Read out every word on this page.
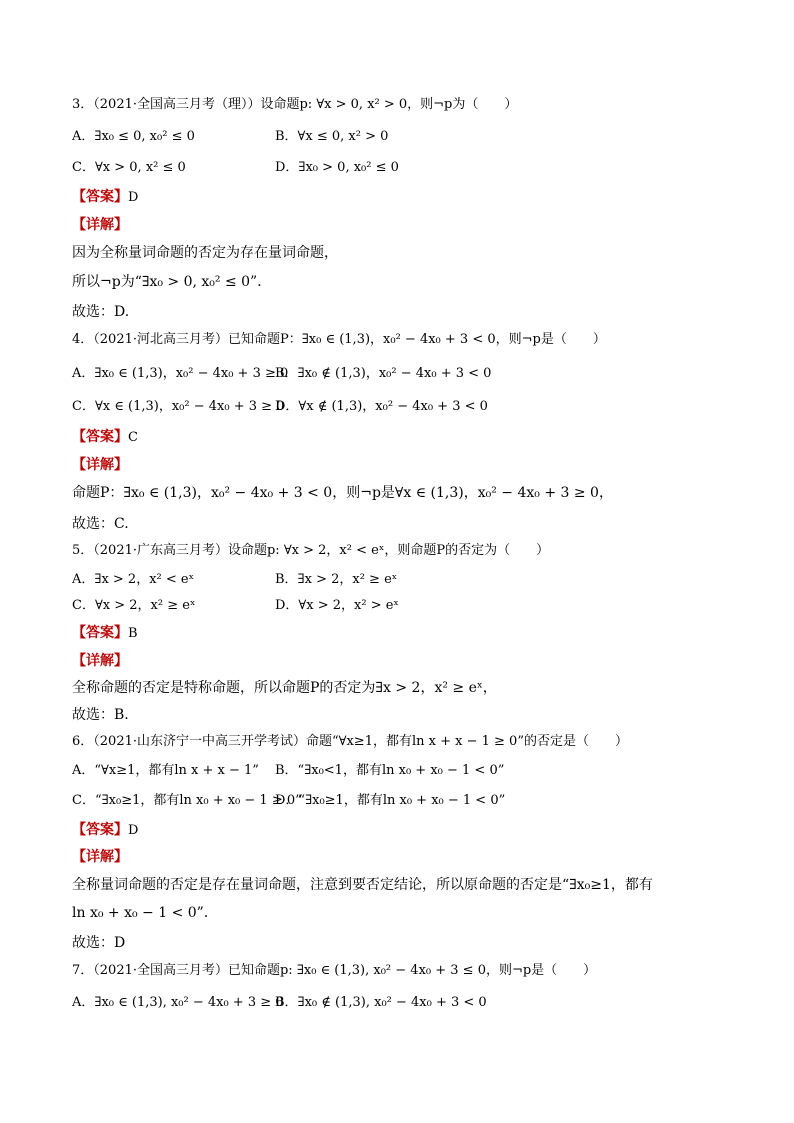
3．（2021·全国高三月考（理））设命题p: ∀x > 0, x² > 0，则¬p为（　　）
A．∃x₀ ≤ 0, x₀² ≤ 0	B．∀x ≤ 0, x² > 0
C．∀x > 0, x² ≤ 0	D．∃x₀ > 0, x₀² ≤ 0
【答案】D
【详解】
因为全称量词命题的否定为存在量词命题，
所以¬p为“∃x₀ > 0, x₀² ≤ 0”．
故选：D.
4．（2021·河北高三月考）已知命题P：∃x₀ ∈ (1,3)，x₀² − 4x₀ + 3 < 0，则¬p是（　　）
A．∃x₀ ∈ (1,3)，x₀² − 4x₀ + 3 ≥ 0
B．∃x₀ ∉ (1,3)，x₀² − 4x₀ + 3 < 0
C．∀x ∈ (1,3)，x₀² − 4x₀ + 3 ≥ 0
D．∀x ∉ (1,3)，x₀² − 4x₀ + 3 < 0
【答案】C
【详解】
命题P：∃x₀ ∈ (1,3)，x₀² − 4x₀ + 3 < 0，则¬p是∀x ∈ (1,3)，x₀² − 4x₀ + 3 ≥ 0，
故选：C.
5．（2021·广东高三月考）设命题p: ∀x > 2，x² < eˣ，则命题P的否定为（　　）
A．∃x > 2，x² < eˣ	B．∃x > 2，x² ≥ eˣ
C．∀x > 2，x² ≥ eˣ	D．∀x > 2，x² > eˣ
【答案】B
【详解】
全称命题的否定是特称命题，所以命题P的否定为∃x > 2，x² ≥ eˣ，
故选：B.
6．（2021·山东济宁一中高三开学考试）命题“∀x≥1，都有ln x + x − 1 ≥ 0”的否定是（　　）
A．“∀x≥1，都有ln x + x − 1” B．“∃x₀<1，都有ln x₀ + x₀ − 1 < 0”
C．“∃x₀≥1，都有ln x₀ + x₀ − 1 ≥ 0”
D．“∃x₀≥1，都有ln x₀ + x₀ − 1 < 0”
【答案】D
【详解】
全称量词命题的否定是存在量词命题，注意到要否定结论，所以原命题的否定是“∃x₀≥1，都有
ln x₀ + x₀ − 1 < 0”．
故选：D
7．（2021·全国高三月考）已知命题p: ∃x₀ ∈ (1,3), x₀² − 4x₀ + 3 ≤ 0，则¬p是（　　）
A．∃x₀ ∈ (1,3), x₀² − 4x₀ + 3 ≥ 0
B．∃x₀ ∉ (1,3), x₀² − 4x₀ + 3 < 0
